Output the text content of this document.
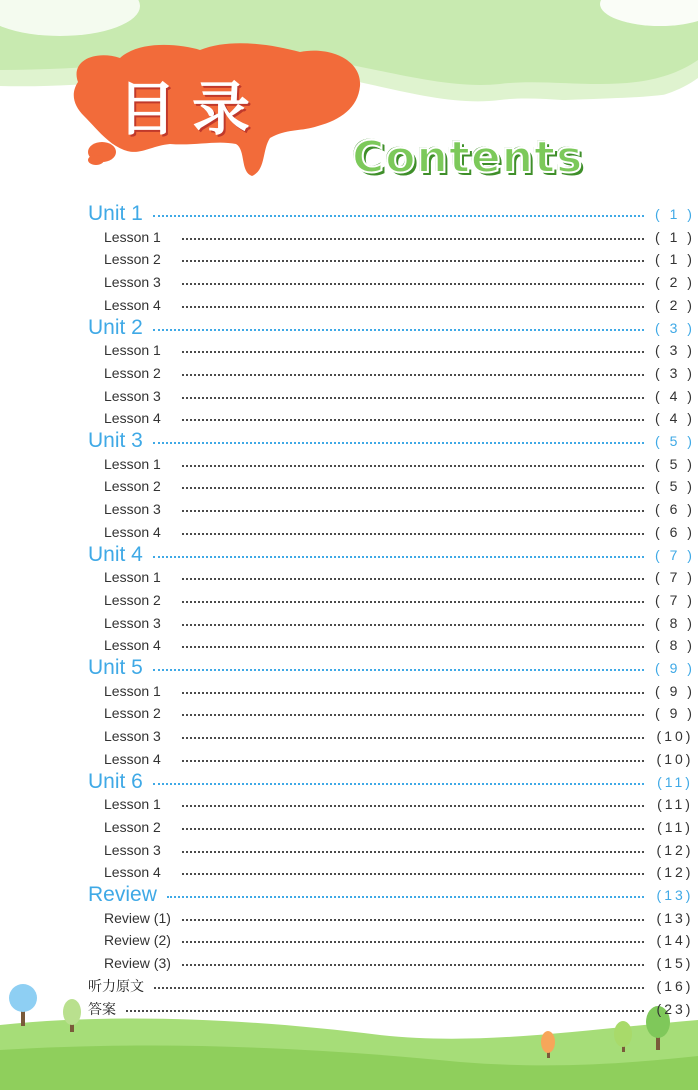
目录
Contents
Unit 1	( 1 )
Lesson 1	( 1 )
Lesson 2	( 1 )
Lesson 3	( 2 )
Lesson 4	( 2 )
Unit 2	( 3 )
Lesson 1	( 3 )
Lesson 2	( 3 )
Lesson 3	( 4 )
Lesson 4	( 4 )
Unit 3	( 5 )
Lesson 1	( 5 )
Lesson 2	( 5 )
Lesson 3	( 6 )
Lesson 4	( 6 )
Unit 4	( 7 )
Lesson 1	( 7 )
Lesson 2	( 7 )
Lesson 3	( 8 )
Lesson 4	( 8 )
Unit 5	( 9 )
Lesson 1	( 9 )
Lesson 2	( 9 )
Lesson 3	(10)
Lesson 4	(10)
Unit 6	(11)
Lesson 1	(11)
Lesson 2	(11)
Lesson 3	(12)
Lesson 4	(12)
Review	(13)
Review (1)	(13)
Review (2)	(14)
Review (3)	(15)
听力原文	(16)
答案	(23)
